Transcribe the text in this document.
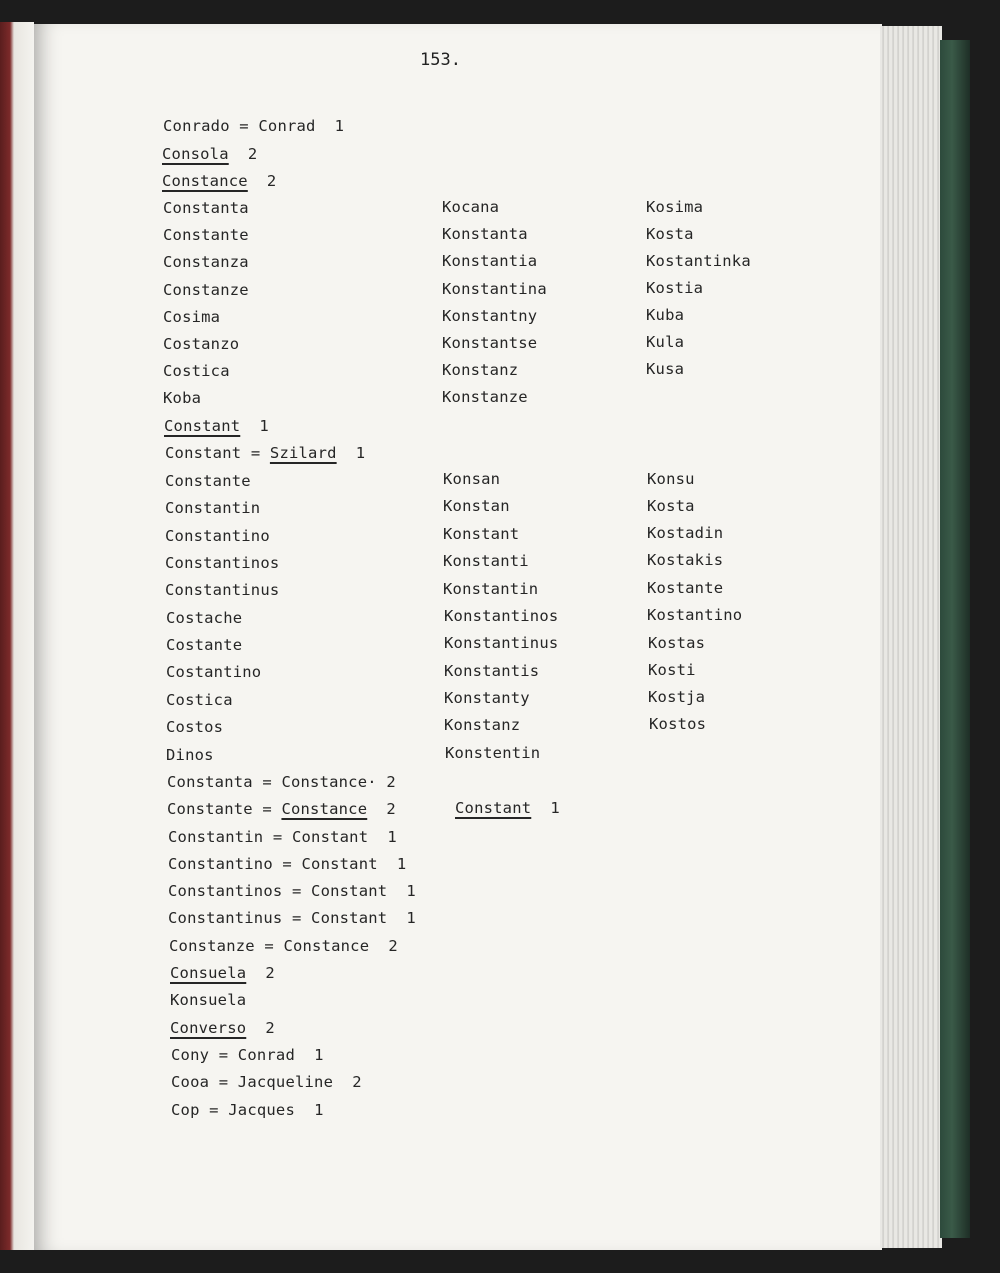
153.
Conrado = Conrad 1
Consola 2
Constance 2
Constanta
Constante
Constanza
Constanze
Cosima
Costanzo
Costica
Koba
Kocana
Konstanta
Konstantia
Konstantina
Konstantny
Konstantse
Konstanz
Konstanze
Kosima
Kosta
Kostantinka
Kostia
Kuba
Kula
Kusa
Constant 1
Constant = Szilard 1
Constante
Constantin
Constantino
Constantinos
Constantinus
Costache
Costante
Costantino
Costica
Costos
Dinos
Konsan
Konstan
Konstant
Konstanti
Konstantin
Konstantinos
Konstantinus
Konstantis
Konstanty
Konstanz
Konstentin
Konsu
Kosta
Kostadin
Kostakis
Kostante
Kostantino
Kostas
Kosti
Kostja
Kostos
Constanta = Constance· 2
Constante = Constance 2
Constantin = Constant 1
Constantino = Constant 1
Constantinos = Constant 1
Constantinus = Constant 1
Constanze = Constance 2
Constant 1
Consuela 2
Konsuela
Converso 2
Cony = Conrad 1
Cooa = Jacqueline 2
Cop = Jacques 1
